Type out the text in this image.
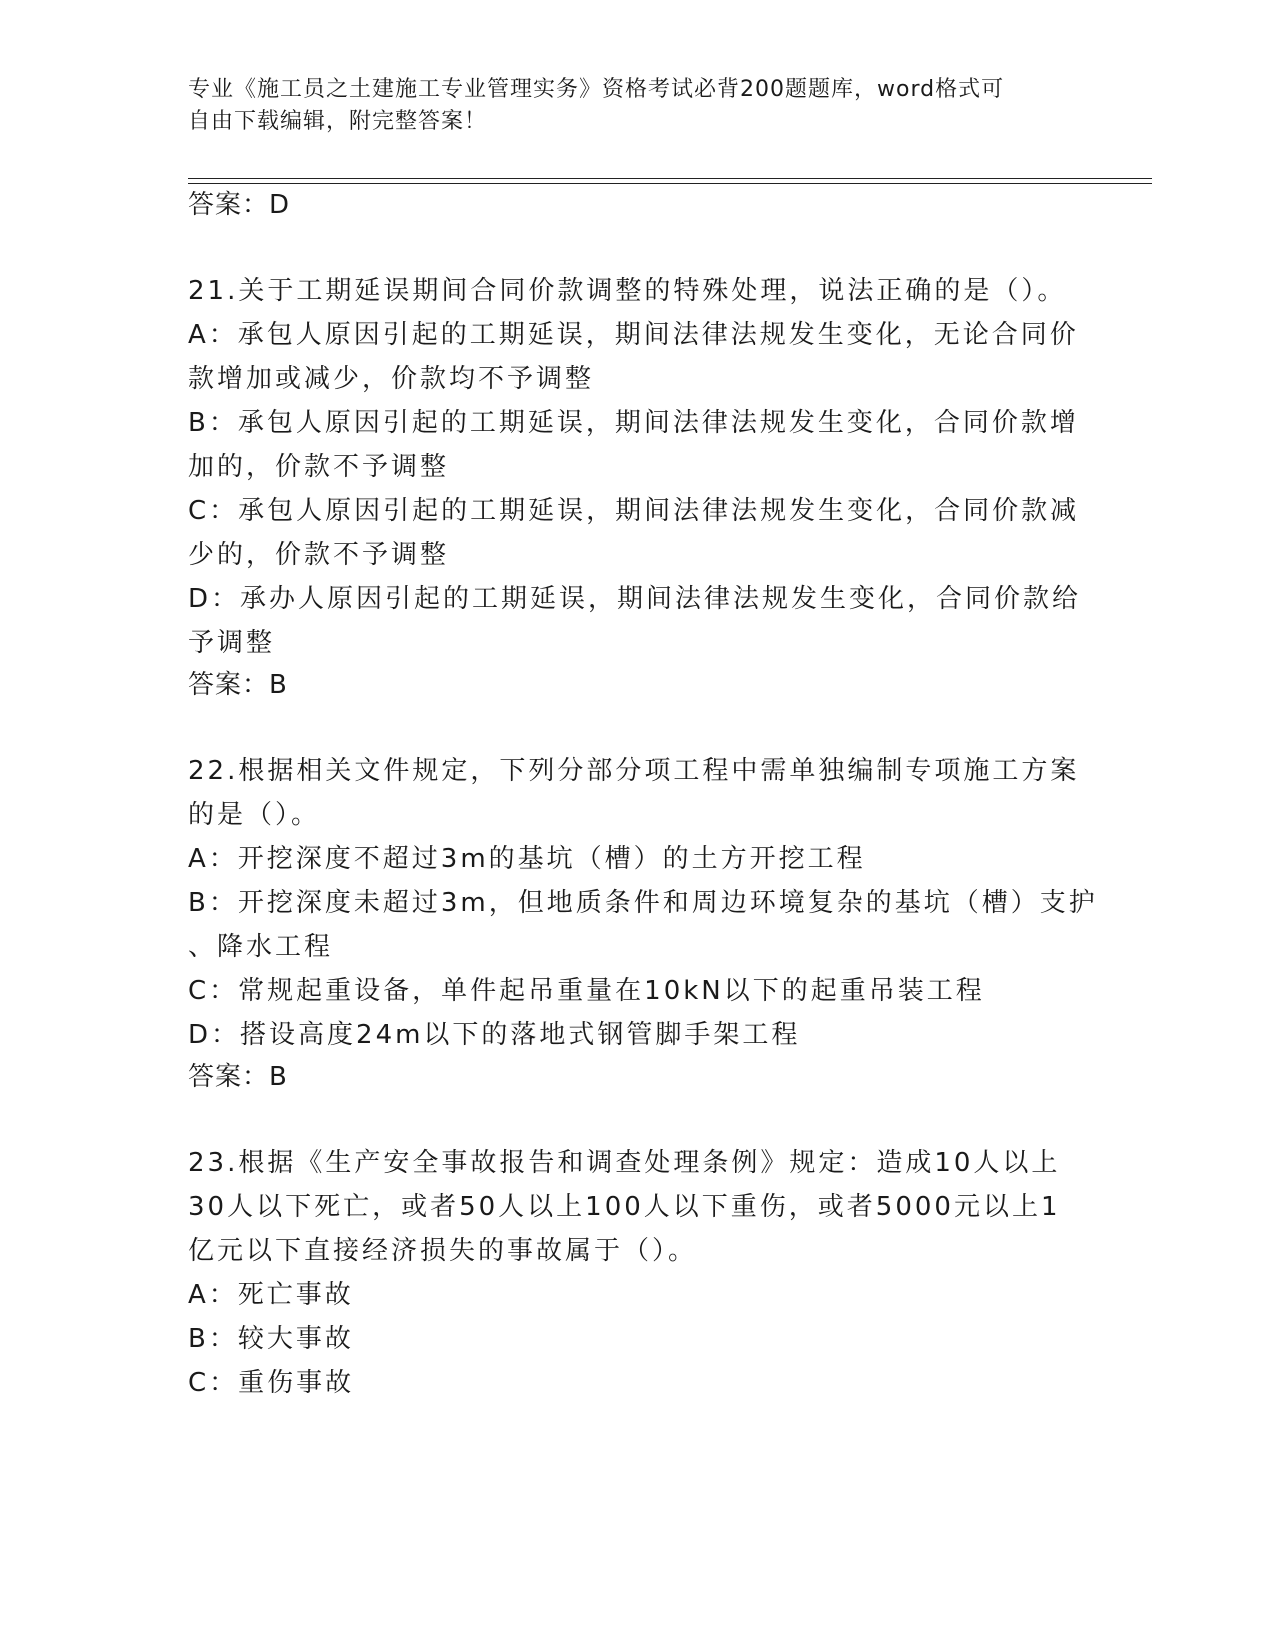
专业《施工员之土建施工专业管理实务》资格考试必背200题题库，word格式可
自由下载编辑，附完整答案！
答案：D
21.关于工期延误期间合同价款调整的特殊处理，说法正确的是（）。
A：承包人原因引起的工期延误，期间法律法规发生变化，无论合同价
款增加或减少，价款均不予调整
B：承包人原因引起的工期延误，期间法律法规发生变化，合同价款增
加的，价款不予调整
C：承包人原因引起的工期延误，期间法律法规发生变化，合同价款减
少的，价款不予调整
D：承办人原因引起的工期延误，期间法律法规发生变化，合同价款给
予调整
答案：B
22.根据相关文件规定，下列分部分项工程中需单独编制专项施工方案
的是（）。
A：开挖深度不超过3m的基坑（槽）的土方开挖工程
B：开挖深度未超过3m，但地质条件和周边环境复杂的基坑（槽）支护
、降水工程
C：常规起重设备，单件起吊重量在10kN以下的起重吊装工程
D：搭设高度24m以下的落地式钢管脚手架工程
答案：B
23.根据《生产安全事故报告和调查处理条例》规定：造成10人以上
30人以下死亡，或者50人以上100人以下重伤，或者5000元以上1
亿元以下直接经济损失的事故属于（）。
A：死亡事故
B：较大事故
C：重伤事故
